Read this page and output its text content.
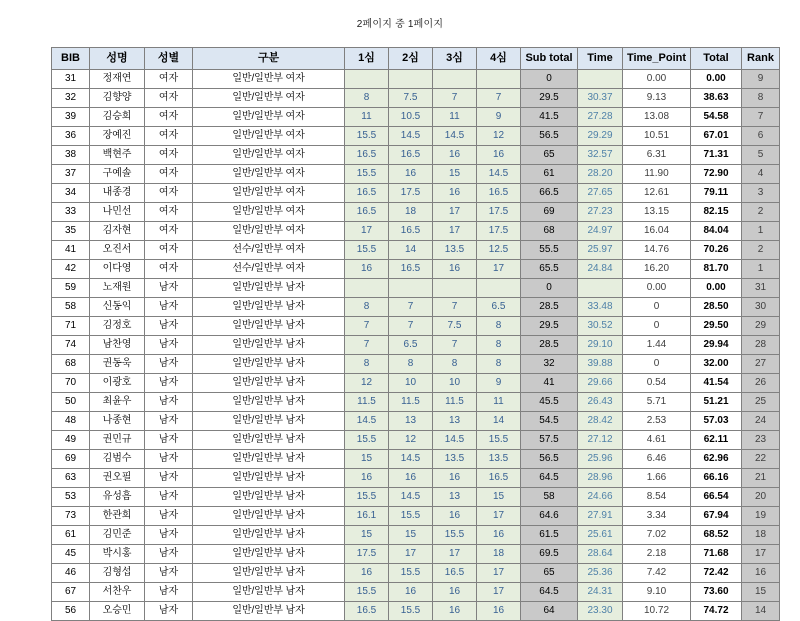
2페이지 중 1페이지
BIB	성명	성별	구분	1심	2심	3심	4심	Sub total	Time	Time_Point	Total	Rank
31	정재연	여자	일반/일반부 여자					0		0.00	0.00	9
32	김향양	여자	일반/일반부 여자	8	7.5	7	7	29.5	30.37	9.13	38.63	8
39	김승희	여자	일반/일반부 여자	11	10.5	11	9	41.5	27.28	13.08	54.58	7
36	장예진	여자	일반/일반부 여자	15.5	14.5	14.5	12	56.5	29.29	10.51	67.01	6
38	백현주	여자	일반/일반부 여자	16.5	16.5	16	16	65	32.57	6.31	71.31	5
37	구예솔	여자	일반/일반부 여자	15.5	16	15	14.5	61	28.20	11.90	72.90	4
34	내종경	여자	일반/일반부 여자	16.5	17.5	16	16.5	66.5	27.65	12.61	79.11	3
33	나민선	여자	일반/일반부 여자	16.5	18	17	17.5	69	27.23	13.15	82.15	2
35	김자현	여자	일반/일반부 여자	17	16.5	17	17.5	68	24.97	16.04	84.04	1
41	오진서	여자	선수/일반부 여자	15.5	14	13.5	12.5	55.5	25.97	14.76	70.26	2
42	이다영	여자	선수/일반부 여자	16	16.5	16	17	65.5	24.84	16.20	81.70	1
59	노재원	남자	일반/일반부 남자					0		0.00	0.00	31
58	신동익	남자	일반/일반부 남자	8	7	7	6.5	28.5	33.48	0	28.50	30
71	김정호	남자	일반/일반부 남자	7	7	7.5	8	29.5	30.52	0	29.50	29
74	남찬영	남자	일반/일반부 남자	7	6.5	7	8	28.5	29.10	1.44	29.94	28
68	권동욱	남자	일반/일반부 남자	8	8	8	8	32	39.88	0	32.00	27
70	이광호	남자	일반/일반부 남자	12	10	10	9	41	29.66	0.54	41.54	26
50	최윤우	남자	일반/일반부 남자	11.5	11.5	11.5	11	45.5	26.43	5.71	51.21	25
48	나종현	남자	일반/일반부 남자	14.5	13	13	14	54.5	28.42	2.53	57.03	24
49	권민규	남자	일반/일반부 남자	15.5	12	14.5	15.5	57.5	27.12	4.61	62.11	23
69	김범수	남자	일반/일반부 남자	15	14.5	13.5	13.5	56.5	25.96	6.46	62.96	22
63	권오필	남자	일반/일반부 남자	16	16	16	16.5	64.5	28.96	1.66	66.16	21
53	유성흠	남자	일반/일반부 남자	15.5	14.5	13	15	58	24.66	8.54	66.54	20
73	한관희	남자	일반/일반부 남자	16.1	15.5	16	17	64.6	27.91	3.34	67.94	19
61	김민준	남자	일반/일반부 남자	15	15	15.5	16	61.5	25.61	7.02	68.52	18
45	박시홍	남자	일반/일반부 남자	17.5	17	17	18	69.5	28.64	2.18	71.68	17
46	김형섭	남자	일반/일반부 남자	16	15.5	16.5	17	65	25.36	7.42	72.42	16
67	서찬우	남자	일반/일반부 남자	15.5	16	16	17	64.5	24.31	9.10	73.60	15
56	오승민	남자	일반/일반부 남자	16.5	15.5	16	16	64	23.30	10.72	74.72	14
